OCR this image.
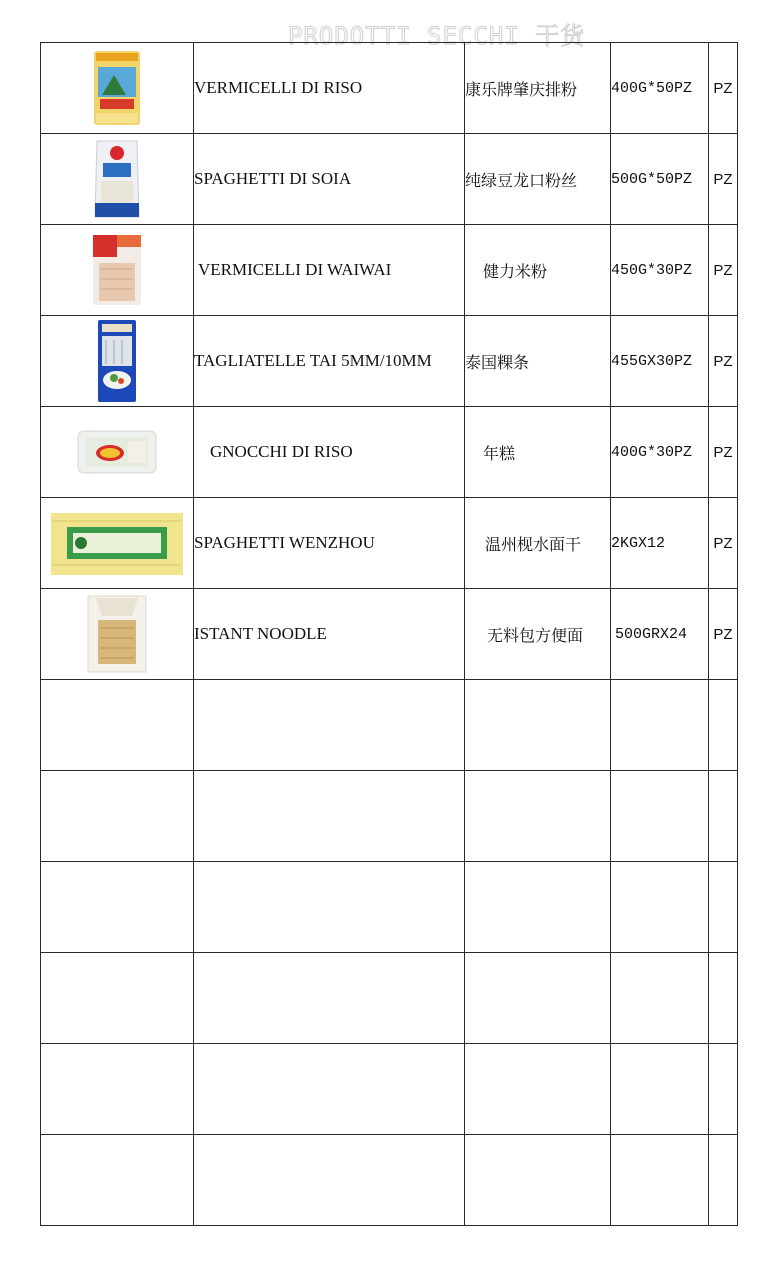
PRODOTTI SECCHI 干货
	VERMICELLI DI RISO	康乐牌肇庆排粉	400G*50PZ	PZ

	SPAGHETTI DI SOIA	纯绿豆龙口粉丝	500G*50PZ	PZ

	VERMICELLI DI WAIWAI	健力米粉	450G*30PZ	PZ

	TAGLIATELLE TAI 5MM/10MM	泰国粿条	455GX30PZ	PZ

	GNOCCHI DI RISO	年糕	400G*30PZ	PZ

	SPAGHETTI WENZHOU	温州枧水面干	2KGX12	PZ

	ISTANT NOODLE	无料包方便面	500GRX24	PZ
